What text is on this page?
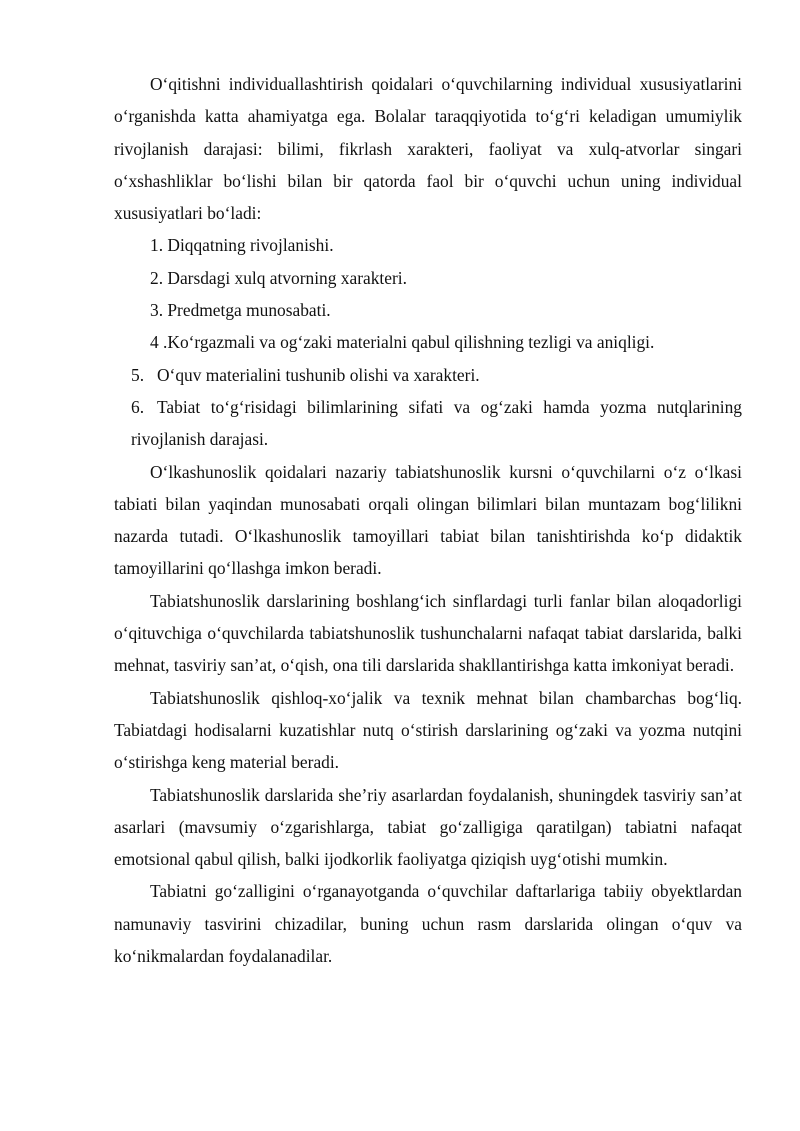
O‘qitishni individuallashtirish qoidalari o‘quvchilarning individual xususiyatlarini o‘rganishda katta ahamiyatga ega. Bolalar taraqqiyotida to‘g‘ri keladigan umumiylik rivojlanish darajasi: bilimi, fikrlash xarakteri, faoliyat va xulq-atvorlar singari o‘xshashliklar bo‘lishi bilan bir qatorda faol bir o‘quvchi uchun uning individual xususiyatlari bo‘ladi:

1. Diqqatning rivojlanishi.

2. Darsdagi xulq atvorning xarakteri.

3. Predmetga munosabati.

4 .Ko‘rgazmali va og‘zaki materialni qabul qilishning tezligi va aniqligi.

5. O‘quv materialini tushunib olishi va xarakteri.

6. Tabiat to‘g‘risidagi bilimlarining sifati va og‘zaki hamda yozma nutqlarining rivojlanish darajasi.

O‘lkashunoslik qoidalari nazariy tabiatshunoslik kursni o‘quvchilarni o‘z o‘lkasi tabiati bilan yaqindan munosabati orqali olingan bilimlari bilan muntazam bog‘lilikni nazarda tutadi. O‘lkashunoslik tamoyillari tabiat bilan tanishtirishda ko‘p didaktik tamoyillarini qo‘llashga imkon beradi.

Tabiatshunoslik darslarining boshlang‘ich sinflardagi turli fanlar bilan aloqadorligi o‘qituvchiga o‘quvchilarda tabiatshunoslik tushunchalarni nafaqat tabiat darslarida, balki mehnat, tasviriy san’at, o‘qish, ona tili darslarida shakllantirishga katta imkoniyat beradi.

Tabiatshunoslik qishloq-xo‘jalik va texnik mehnat bilan chambarchas bog‘liq. Tabiatdagi hodisalarni kuzatishlar nutq o‘stirish darslarining og‘zaki va yozma nutqini o‘stirishga keng material beradi.

Tabiatshunoslik darslarida she’riy asarlardan foydalanish, shuningdek tasviriy san’at asarlari (mavsumiy o‘zgarishlarga, tabiat go‘zalligiga qaratilgan) tabiatni nafaqat emotsional qabul qilish, balki ijodkorlik faoliyatga qiziqish uyg‘otishi mumkin.

Tabiatni go‘zalligini o‘rganayotganda o‘quvchilar daftarlariga tabiiy obyektlardan namunaviy tasvirini chizadilar, buning uchun rasm darslarida olingan o‘quv va ko‘nikmalardan foydalanadilar.
